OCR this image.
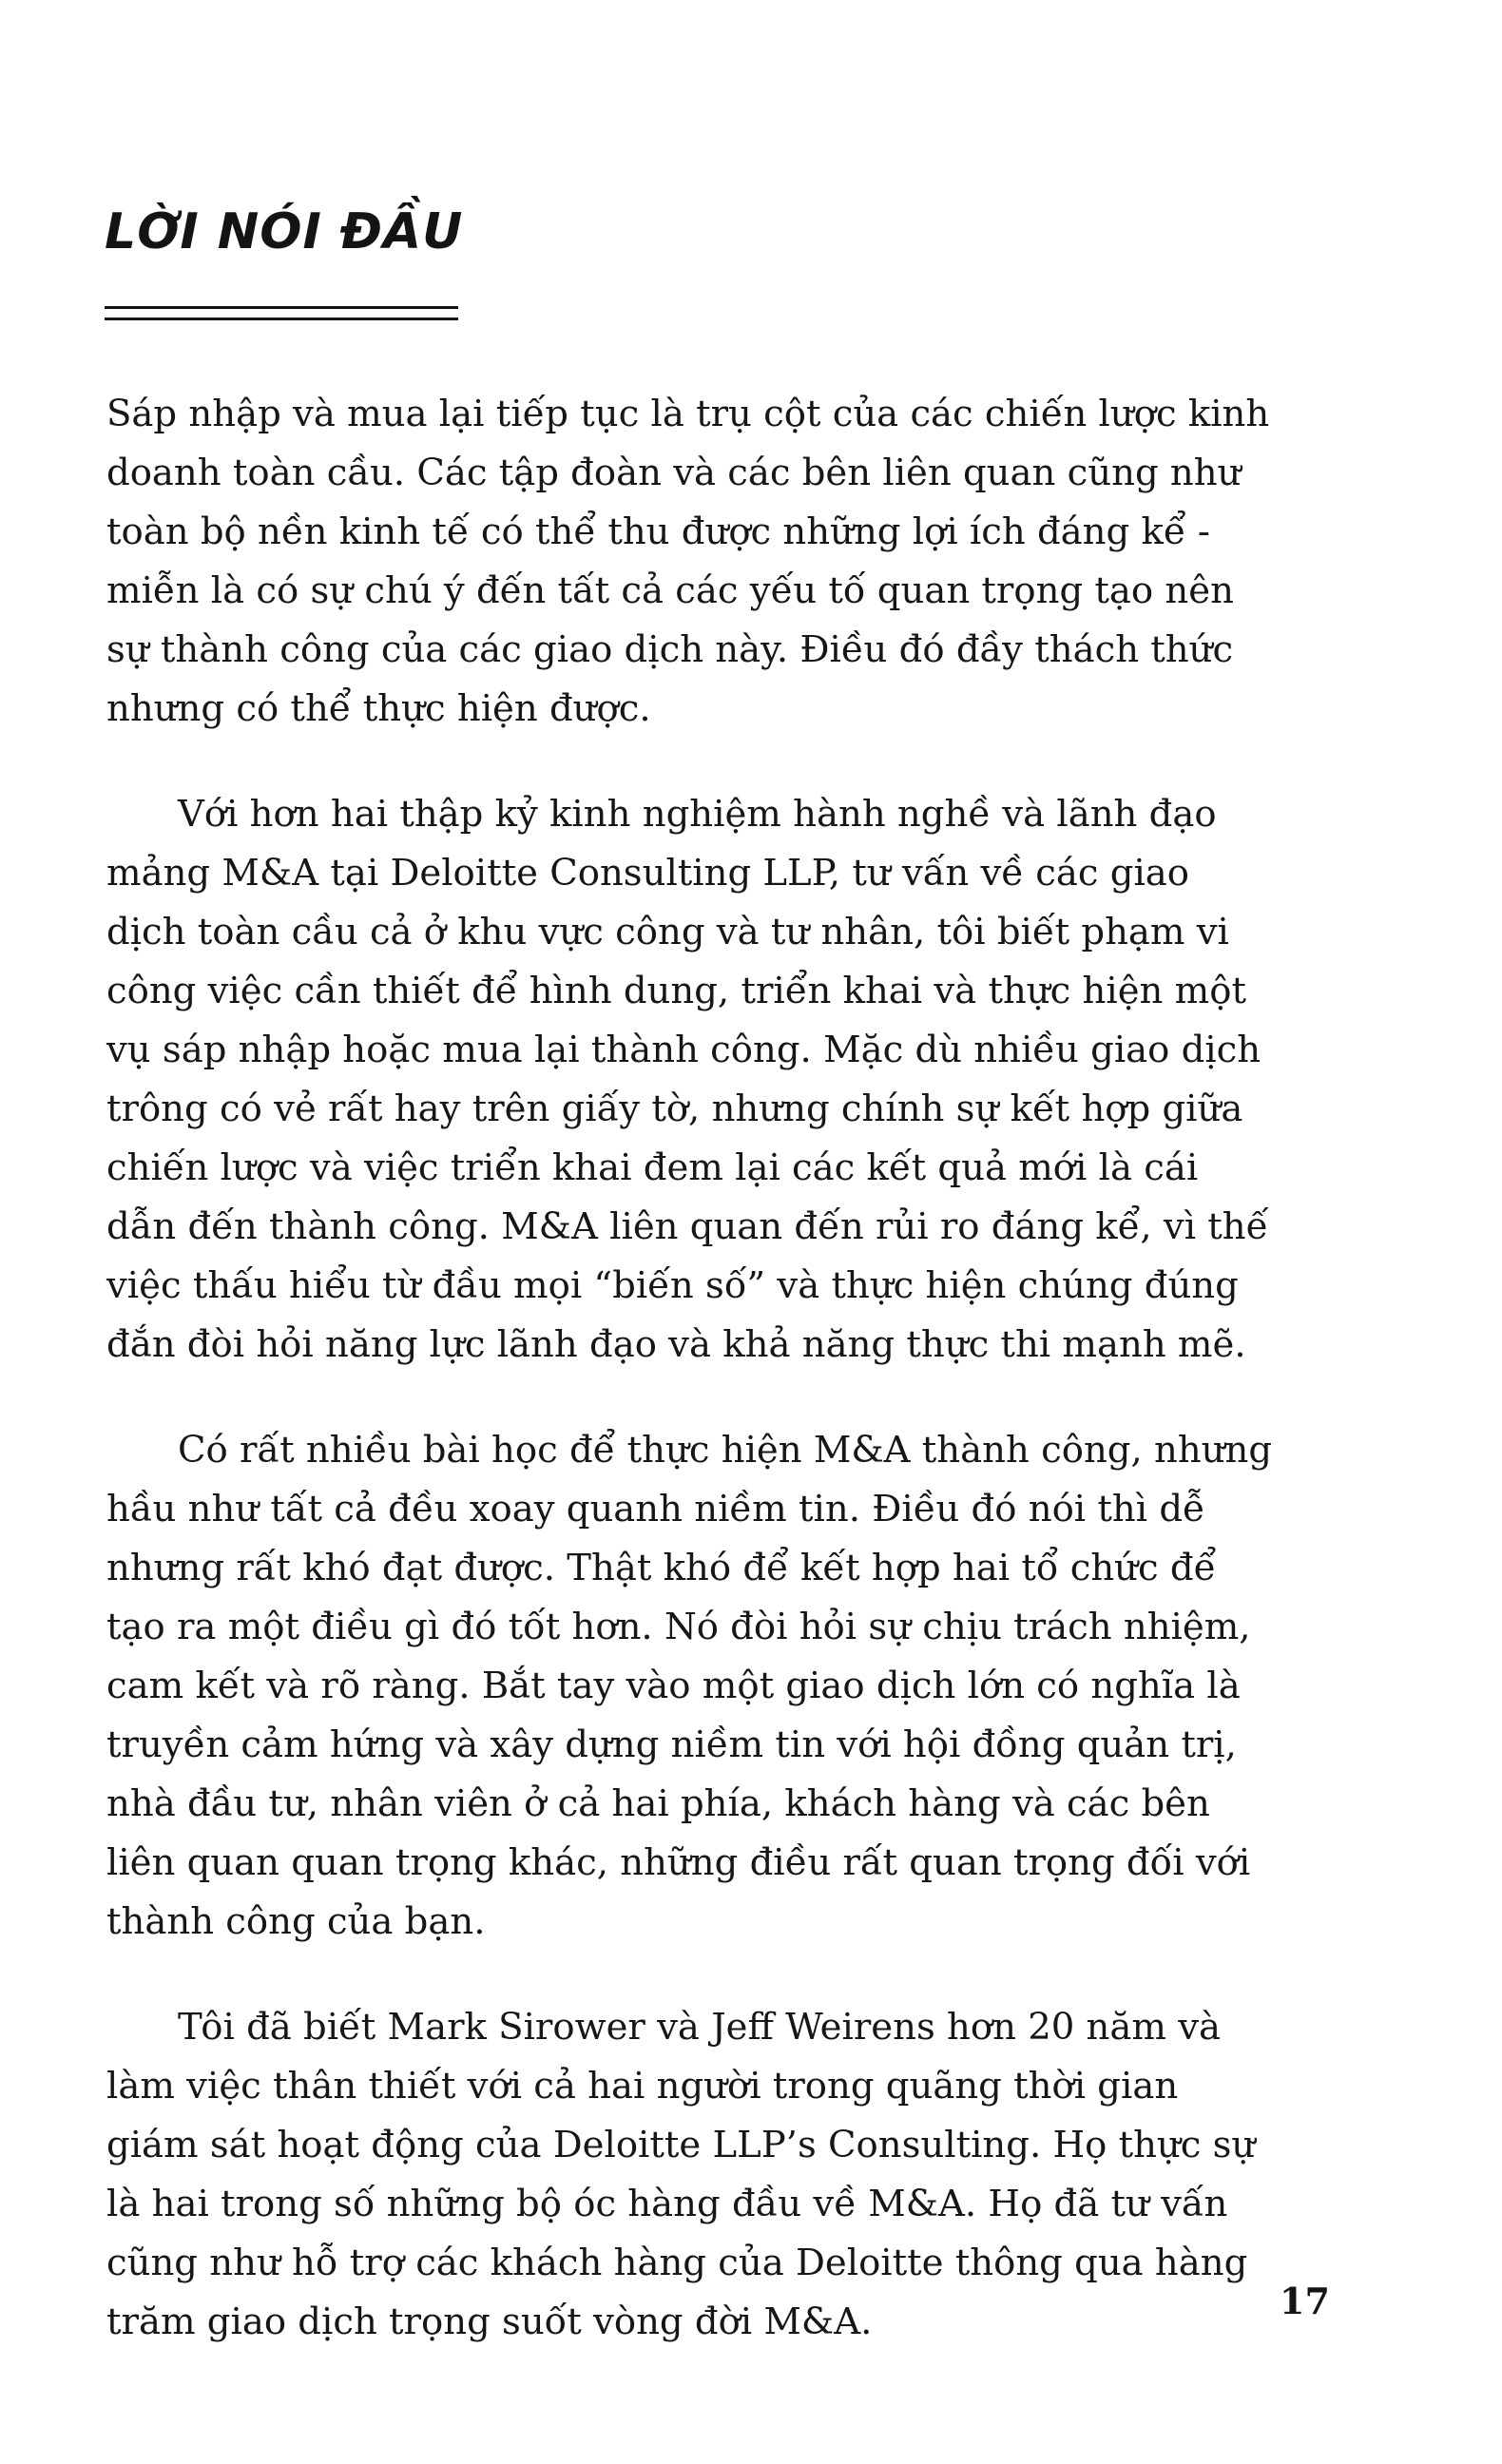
LỜI NÓI ĐẦU

Sáp nhập và mua lại tiếp tục là trụ cột của các chiến lược kinh
doanh toàn cầu. Các tập đoàn và các bên liên quan cũng như
toàn bộ nền kinh tế có thể thu được những lợi ích đáng kể -
miễn là có sự chú ý đến tất cả các yếu tố quan trọng tạo nên
sự thành công của các giao dịch này. Điều đó đầy thách thức
nhưng có thể thực hiện được.

Với hơn hai thập kỷ kinh nghiệm hành nghề và lãnh đạo
mảng M&A tại Deloitte Consulting LLP, tư vấn về các giao
dịch toàn cầu cả ở khu vực công và tư nhân, tôi biết phạm vi
công việc cần thiết để hình dung, triển khai và thực hiện một
vụ sáp nhập hoặc mua lại thành công. Mặc dù nhiều giao dịch
trông có vẻ rất hay trên giấy tờ, nhưng chính sự kết hợp giữa
chiến lược và việc triển khai đem lại các kết quả mới là cái
dẫn đến thành công. M&A liên quan đến rủi ro đáng kể, vì thế
việc thấu hiểu từ đầu mọi “biến số” và thực hiện chúng đúng
đắn đòi hỏi năng lực lãnh đạo và khả năng thực thi mạnh mẽ.

Có rất nhiều bài học để thực hiện M&A thành công, nhưng
hầu như tất cả đều xoay quanh niềm tin. Điều đó nói thì dễ
nhưng rất khó đạt được. Thật khó để kết hợp hai tổ chức để
tạo ra một điều gì đó tốt hơn. Nó đòi hỏi sự chịu trách nhiệm,
cam kết và rõ ràng. Bắt tay vào một giao dịch lớn có nghĩa là
truyền cảm hứng và xây dựng niềm tin với hội đồng quản trị,
nhà đầu tư, nhân viên ở cả hai phía, khách hàng và các bên
liên quan quan trọng khác, những điều rất quan trọng đối với
thành công của bạn.

Tôi đã biết Mark Sirower và Jeff Weirens hơn 20 năm và
làm việc thân thiết với cả hai người trong quãng thời gian
giám sát hoạt động của Deloitte LLP’s Consulting. Họ thực sự
là hai trong số những bộ óc hàng đầu về M&A. Họ đã tư vấn
cũng như hỗ trợ các khách hàng của Deloitte thông qua hàng
trăm giao dịch trọng suốt vòng đời M&A.	17
